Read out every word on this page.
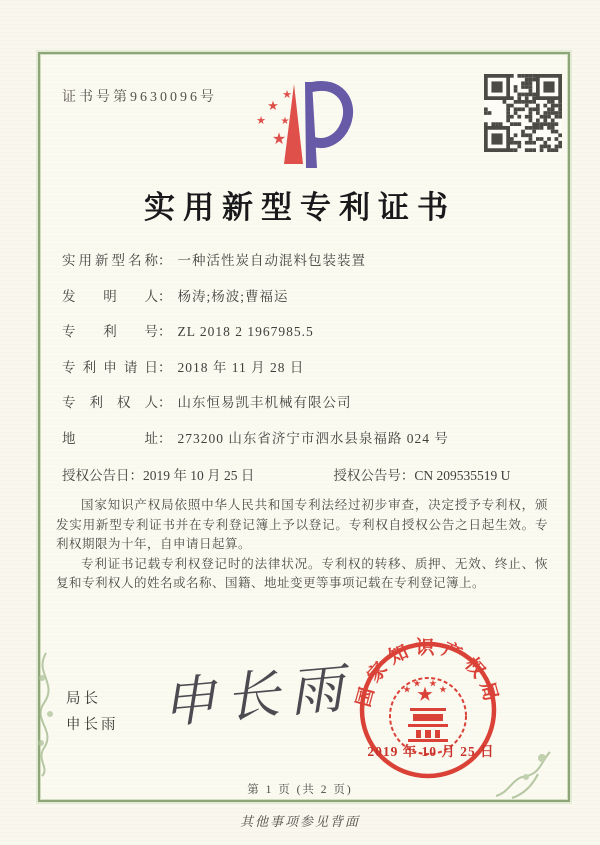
证书号第9630096号
★
★
★ ★
★
实用新型专利证书
实用新型名称： 一种活性炭自动混料包装装置
发明人： 杨涛;杨波;曹福运
专利号： ZL 2018 2 1967985.5
专利申请日： 2018 年 11 月 28 日
专利权人： 山东恒易凯丰机械有限公司
地址： 273200 山东省济宁市泗水县泉福路 024 号
授权公告日：2019 年 10 月 25 日	授权公告号：CN 209535519 U

国家知识产权局依照中华人民共和国专利法经过初步审查，决定授予专利权，颁发实用新型专利证书并在专利登记簿上予以登记。专利权自授权公告之日起生效。专利权期限为十年，自申请日起算。

专利证书记载专利权登记时的法律状况。专利权的转移、质押、无效、终止、恢复和专利权人的姓名或名称、国籍、地址变更等事项记载在专利登记簿上。

局长
申长雨 申长雨
国家知识产权局
★
★
★ ★
★
2019 年 10 月 25 日
第 1 页 (共 2 页)
其他事项参见背面
